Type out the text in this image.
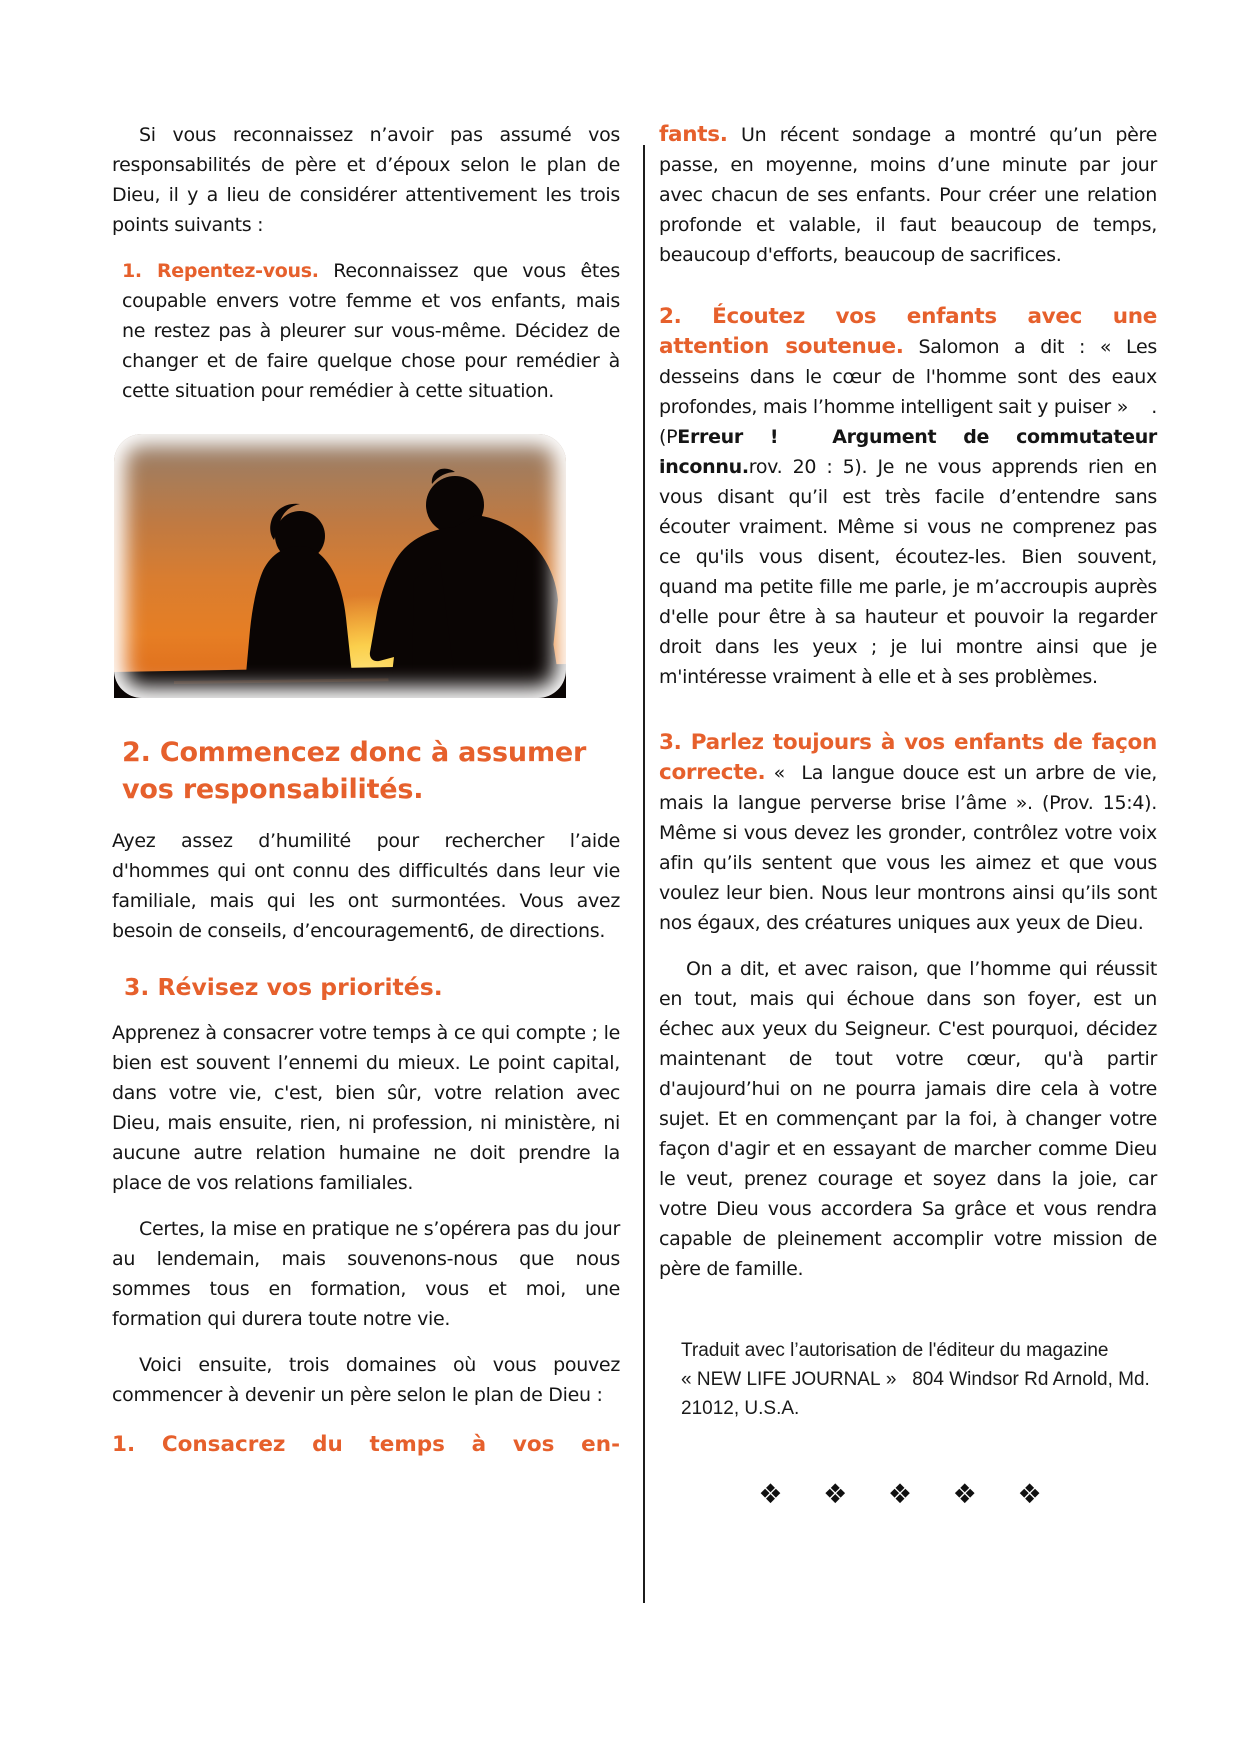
Si vous reconnaissez n’avoir pas assumé vos responsabilités de père et d’époux selon le plan de Dieu, il y a lieu de considérer attentivement les trois points suivants :

1. Repentez-vous. Reconnaissez que vous êtes coupable envers votre femme et vos enfants, mais ne restez pas à pleurer sur vous-même. Décidez de changer et de faire quelque chose pour remédier à cette situation pour remédier à cette situation.

2. Commencez donc à assumer vos responsabilités.

Ayez assez d’humilité pour rechercher l’aide d'hommes qui ont connu des difficultés dans leur vie familiale, mais qui les ont surmontées. Vous avez besoin de conseils, d’encouragement6, de directions.

3. Révisez vos priorités.

Apprenez à consacrer votre temps à ce qui compte ; le bien est souvent l’ennemi du mieux. Le point capital, dans votre vie, c'est, bien sûr, votre relation avec Dieu, mais ensuite, rien, ni profession, ni ministère, ni aucune autre relation humaine ne doit prendre la place de vos relations familiales.

Certes, la mise en pratique ne s’opérera pas du jour au lendemain, mais souvenons-nous que nous sommes tous en formation, vous et moi, une formation qui durera toute notre vie.

Voici ensuite, trois domaines où vous pouvez commencer à devenir un père selon le plan de Dieu :

1. Consacrez du temps à vos en-

fants. Un récent sondage a montré qu’un père passe, en moyenne, moins d’une minute par jour avec chacun de ses enfants. Pour créer une relation profonde et valable, il faut beaucoup de temps, beaucoup d'efforts, beaucoup de sacrifices.

2. Écoutez vos enfants avec une attention soutenue. Salomon a dit : « Les desseins dans le cœur de l'homme sont des eaux profondes, mais l’homme intelligent sait y puiser »    . (PErreur !  Argument de commutateur inconnu.rov. 20 : 5). Je ne vous apprends rien en vous disant qu’il est très facile d’entendre sans écouter vraiment. Même si vous ne comprenez pas ce qu'ils vous disent, écoutez-les. Bien souvent, quand ma petite fille me parle, je m’accroupis auprès d'elle pour être à sa hauteur et pouvoir la regarder droit dans les yeux ; je lui montre ainsi que je m'intéresse vraiment à elle et à ses problèmes.

3. Parlez toujours à vos enfants de façon correcte. «  La langue douce est un arbre de vie, mais la langue perverse brise l’âme ». (Prov. 15:4). Même si vous devez les gronder, contrôlez votre voix afin qu’ils sentent que vous les aimez et que vous voulez leur bien. Nous leur montrons ainsi qu’ils sont nos égaux, des créatures uniques aux yeux de Dieu.

On a dit, et avec raison, que l’homme qui réussit en tout, mais qui échoue dans son foyer, est un échec aux yeux du Seigneur. C'est pourquoi, décidez maintenant de tout votre cœur, qu'à partir d'aujourd’hui on ne pourra jamais dire cela à votre sujet. Et en commençant par la foi, à changer votre façon d'agir et en essayant de marcher comme Dieu le veut, prenez courage et soyez dans la joie, car votre Dieu vous accordera Sa grâce et vous rendra capable de pleinement accomplir votre mission de père de famille.

Traduit avec l’autorisation de l'éditeur du magazine « NEW LIFE JOURNAL »   804 Windsor Rd Arnold, Md. 21012, U.S.A.

❖ ❖ ❖ ❖ ❖
